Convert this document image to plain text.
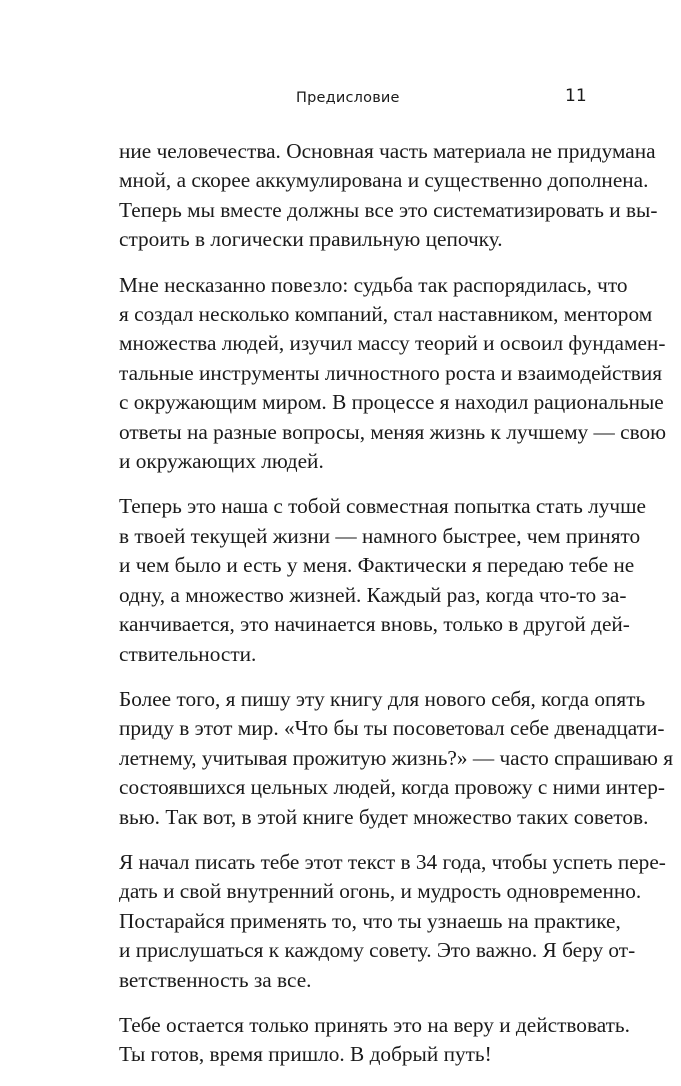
Предисловие	11
ние человечества. Основная часть материала не придумана
мной, а скорее аккумулирована и существенно дополнена.
Теперь мы вместе должны все это систематизировать и вы-
строить в логически правильную цепочку.
Мне несказанно повезло: судьба так распорядилась, что
я создал несколько компаний, стал наставником, ментором
множества людей, изучил массу теорий и освоил фундамен-
тальные инструменты личностного роста и взаимодействия
с окружающим миром. В процессе я находил рациональные
ответы на разные вопросы, меняя жизнь к лучшему — свою
и окружающих людей.
Теперь это наша с тобой совместная попытка стать лучше
в твоей текущей жизни — намного быстрее, чем принято
и чем было и есть у меня. Фактически я передаю тебе не
одну, а множество жизней. Каждый раз, когда что-то за-
канчивается, это начинается вновь, только в другой дей-
ствительности.
Более того, я пишу эту книгу для нового себя, когда опять
приду в этот мир. «Что бы ты посоветовал себе двенадцати-
летнему, учитывая прожитую жизнь?» — часто спрашиваю я
состоявшихся цельных людей, когда провожу с ними интер-
вью. Так вот, в этой книге будет множество таких советов.
Я начал писать тебе этот текст в 34 года, чтобы успеть пере-
дать и свой внутренний огонь, и мудрость одновременно.
Постарайся применять то, что ты узнаешь на практике,
и прислушаться к каждому совету. Это важно. Я беру от-
ветственность за все.
Тебе остается только принять это на веру и действовать.
Ты готов, время пришло. В добрый путь!
